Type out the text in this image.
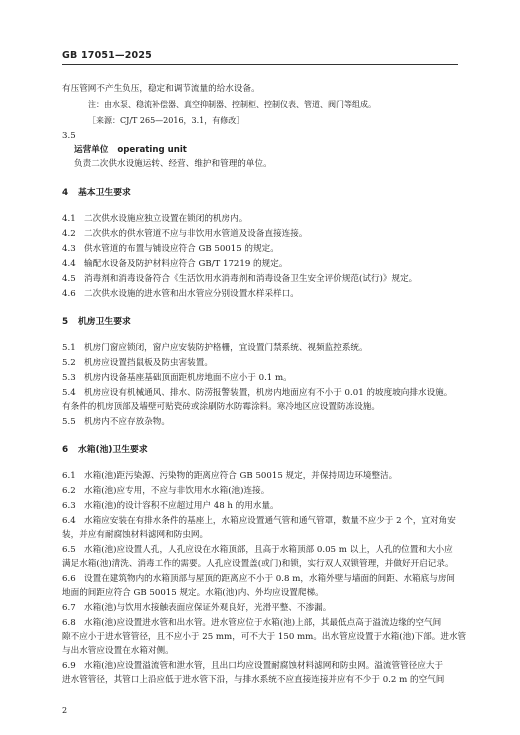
GB 17051—2025

有压管网不产生负压，稳定和调节流量的给水设备。

注：由水泵、稳流补偿器、真空抑制器、控制柜、控制仪表、管道、阀门等组成。

［来源：CJ/T 265—2016，3.1，有修改］

3.5

运营单位 operating unit

负责二次供水设施运转、经营、维护和管理的单位。

4 基本卫生要求

4.1 二次供水设施应独立设置在锁闭的机房内。

4.2 二次供水的供水管道不应与非饮用水管道及设备直接连接。

4.3 供水管道的布置与铺设应符合 GB 50015 的规定。

4.4 输配水设备及防护材料应符合 GB/T 17219 的规定。

4.5 消毒剂和消毒设备符合《生活饮用水消毒剂和消毒设备卫生安全评价规范(试行)》规定。

4.6 二次供水设施的进水管和出水管应分别设置水样采样口。

5 机房卫生要求

5.1 机房门窗应锁闭，窗户应安装防护格栅，宜设置门禁系统、视频监控系统。

5.2 机房应设置挡鼠板及防虫害装置。

5.3 机房内设备基座基础顶面距机房地面不应小于 0.1 m。

5.4 机房应设有机械通风、排水、防涝报警装置，机房内地面应有不小于 0.01 的坡度坡向排水设施。

有条件的机房顶部及墙壁可贴瓷砖或涂刷防水防霉涂料。寒冷地区应设置防冻设施。

5.5 机房内不应存放杂物。

6 水箱(池)卫生要求

6.1 水箱(池)距污染源、污染物的距离应符合 GB 50015 规定，并保持周边环境整洁。

6.2 水箱(池)应专用，不应与非饮用水水箱(池)连接。

6.3 水箱(池)的设计容积不应超过用户 48 h 的用水量。

6.4 水箱应安装在有排水条件的基座上，水箱应设置通气管和通气管罩，数量不应少于 2 个，宜对角安

装，并应有耐腐蚀材料滤网和防虫网。

6.5 水箱(池)应设置人孔，人孔应设在水箱顶部，且高于水箱顶部 0.05 m 以上，人孔的位置和大小应

满足水箱(池)清洗、消毒工作的需要。人孔应设置盖(或门)和锁，实行双人双锁管理，并做好开启记录。

6.6 设置在建筑物内的水箱顶部与屋顶的距离应不小于 0.8 m，水箱外壁与墙面的间距、水箱底与房间

地面的间距应符合 GB 50015 规定。水箱(池)内、外均应设置爬梯。

6.7 水箱(池)与饮用水接触表面应保证外观良好，光滑平整、不渗漏。

6.8 水箱(池)应设置进水管和出水管。进水管应位于水箱(池)上部，其最低点高于溢流边缘的空气间

隙不应小于进水管管径，且不应小于 25 mm，可不大于 150 mm。出水管应设置于水箱(池)下部。进水管

与出水管应设置在水箱对侧。

6.9 水箱(池)应设置溢流管和泄水管，且出口均应设置耐腐蚀材料滤网和防虫网。溢流管管径应大于

进水管管径，其管口上沿应低于进水管下沿，与排水系统不应直接连接并应有不少于 0.2 m 的空气间

2
